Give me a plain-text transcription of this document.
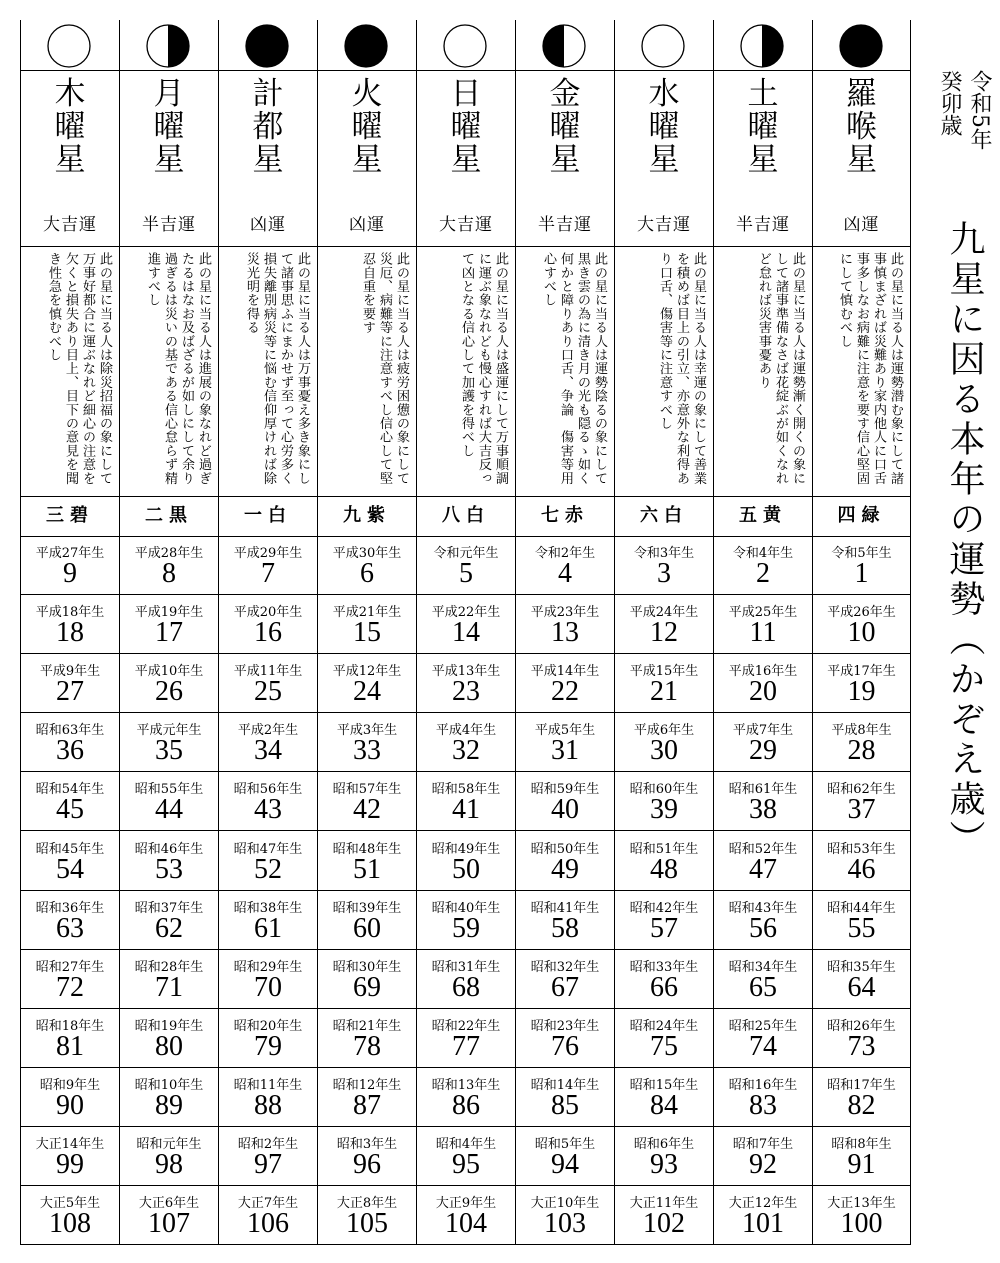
木
曜
星
大吉運
此の星に当る人は除災招福の象にして万事好都合に運ぶなれど細心の注意を欠くと損失あり目上、目下の意見を聞き性急を慎むべし
三碧
平成27年生
9
平成18年生
18
平成9年生
27
昭和63年生
36
昭和54年生
45
昭和45年生
54
昭和36年生
63
昭和27年生
72
昭和18年生
81
昭和9年生
90
大正14年生
99
大正5年生
108
月
曜
星
半吉運
此の星に当る人は進展の象なれど過ぎたるはなお及ばざるが如しにして余り過ぎるは災いの基である信心怠らず精進すべし
二黒
平成28年生
8
平成19年生
17
平成10年生
26
平成元年生
35
昭和55年生
44
昭和46年生
53
昭和37年生
62
昭和28年生
71
昭和19年生
80
昭和10年生
89
昭和元年生
98
大正6年生
107
計
都
星
凶運
此の星に当る人は万事憂え多き象にして諸事思ふにまかせず至って心労多く損失離別病災等に悩む信仰厚ければ除災光明を得る
一白
平成29年生
7
平成20年生
16
平成11年生
25
平成2年生
34
昭和56年生
43
昭和47年生
52
昭和38年生
61
昭和29年生
70
昭和20年生
79
昭和11年生
88
昭和2年生
97
大正7年生
106
火
曜
星
凶運
此の星に当る人は疲労困憊の象にして災厄、病難等に注意すべし信心して堅忍自重を要す
九紫
平成30年生
6
平成21年生
15
平成12年生
24
平成3年生
33
昭和57年生
42
昭和48年生
51
昭和39年生
60
昭和30年生
69
昭和21年生
78
昭和12年生
87
昭和3年生
96
大正8年生
105
日
曜
星
大吉運
此の星に当る人は盛運にして万事順調に運ぶ象なれども慢心すれば大吉反って凶となる信心して加護を得べし
八白
令和元年生
5
平成22年生
14
平成13年生
23
平成4年生
32
昭和58年生
41
昭和49年生
50
昭和40年生
59
昭和31年生
68
昭和22年生
77
昭和13年生
86
昭和4年生
95
大正9年生
104
金
曜
星
半吉運
此の星に当る人は運勢陰るの象にして黒き雲の為に清き月の光も隠るゝ如く何かと障りあり口舌、争論　傷害等用心すべし
七赤
令和2年生
4
平成23年生
13
平成14年生
22
平成5年生
31
昭和59年生
40
昭和50年生
49
昭和41年生
58
昭和32年生
67
昭和23年生
76
昭和14年生
85
昭和5年生
94
大正10年生
103
水
曜
星
大吉運
此の星に当る人は幸運の象にして善業を積めば目上の引立、亦意外な利得あり口舌、傷害等に注意すべし
六白
令和3年生
3
平成24年生
12
平成15年生
21
平成6年生
30
昭和60年生
39
昭和51年生
48
昭和42年生
57
昭和33年生
66
昭和24年生
75
昭和15年生
84
昭和6年生
93
大正11年生
102
土
曜
星
半吉運
此の星に当る人は運勢漸く開くの象にして諸事準備なさば花綻ぶが如くなれど怠れば災害事憂あり
五黄
令和4年生
2
平成25年生
11
平成16年生
20
平成7年生
29
昭和61年生
38
昭和52年生
47
昭和43年生
56
昭和34年生
65
昭和25年生
74
昭和16年生
83
昭和7年生
92
大正12年生
101
羅
喉
星
凶運
此の星に当る人は運勢潜む象にして諸事慎まざれば災難あり家内他人に口舌事多しなお病難に注意を要す信心堅固にして慎むべし
四緑
令和5年生
1
平成26年生
10
平成17年生
19
平成8年生
28
昭和62年生
37
昭和53年生
46
昭和44年生
55
昭和35年生
64
昭和26年生
73
昭和17年生
82
昭和8年生
91
大正13年生
100
令和5年
癸卯歳
九星に因る本年の運勢（かぞえ歳）
